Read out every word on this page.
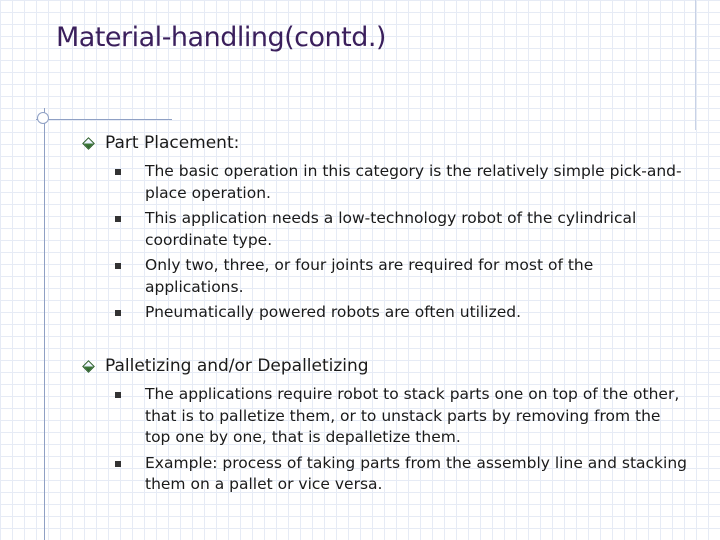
Material-handling(contd.)
Part Placement:
The basic operation in this category is the relatively simple pick-and-place operation.
This application needs a low-technology robot of the cylindrical coordinate type.
Only two, three, or four joints are required for most of the applications.
Pneumatically powered robots are often utilized.
Palletizing and/or Depalletizing
The applications require robot to stack parts one on top of the other, that is to palletize them, or to unstack parts by removing from the top one by one, that is depalletize them.
Example: process of taking parts from the assembly line and stacking them on a pallet or vice versa.
